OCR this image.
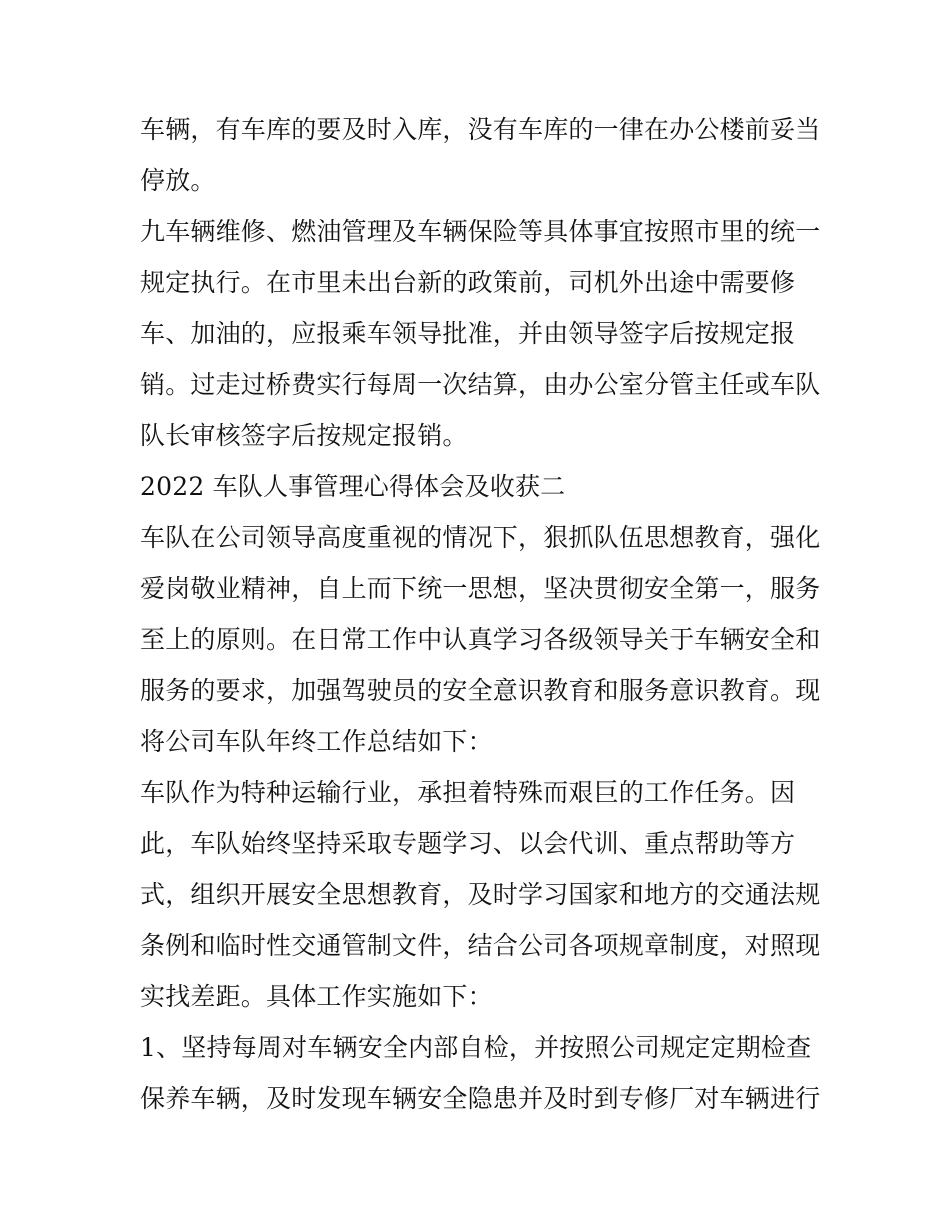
车辆，有车库的要及时入库，没有车库的一律在办公楼前妥当
停放。
九车辆维修、燃油管理及车辆保险等具体事宜按照市里的统一
规定执行。在市里未出台新的政策前，司机外出途中需要修
车、加油的，应报乘车领导批准，并由领导签字后按规定报
销。过走过桥费实行每周一次结算，由办公室分管主任或车队
队长审核签字后按规定报销。
2022 车队人事管理心得体会及收获二
车队在公司领导高度重视的情况下，狠抓队伍思想教育，强化
爱岗敬业精神，自上而下统一思想，坚决贯彻安全第一，服务
至上的原则。在日常工作中认真学习各级领导关于车辆安全和
服务的要求，加强驾驶员的安全意识教育和服务意识教育。现
将公司车队年终工作总结如下：
车队作为特种运输行业，承担着特殊而艰巨的工作任务。因
此，车队始终坚持采取专题学习、以会代训、重点帮助等方
式，组织开展安全思想教育，及时学习国家和地方的交通法规
条例和临时性交通管制文件，结合公司各项规章制度，对照现
实找差距。具体工作实施如下：
1、坚持每周对车辆安全内部自检，并按照公司规定定期检查
保养车辆，及时发现车辆安全隐患并及时到专修厂对车辆进行
